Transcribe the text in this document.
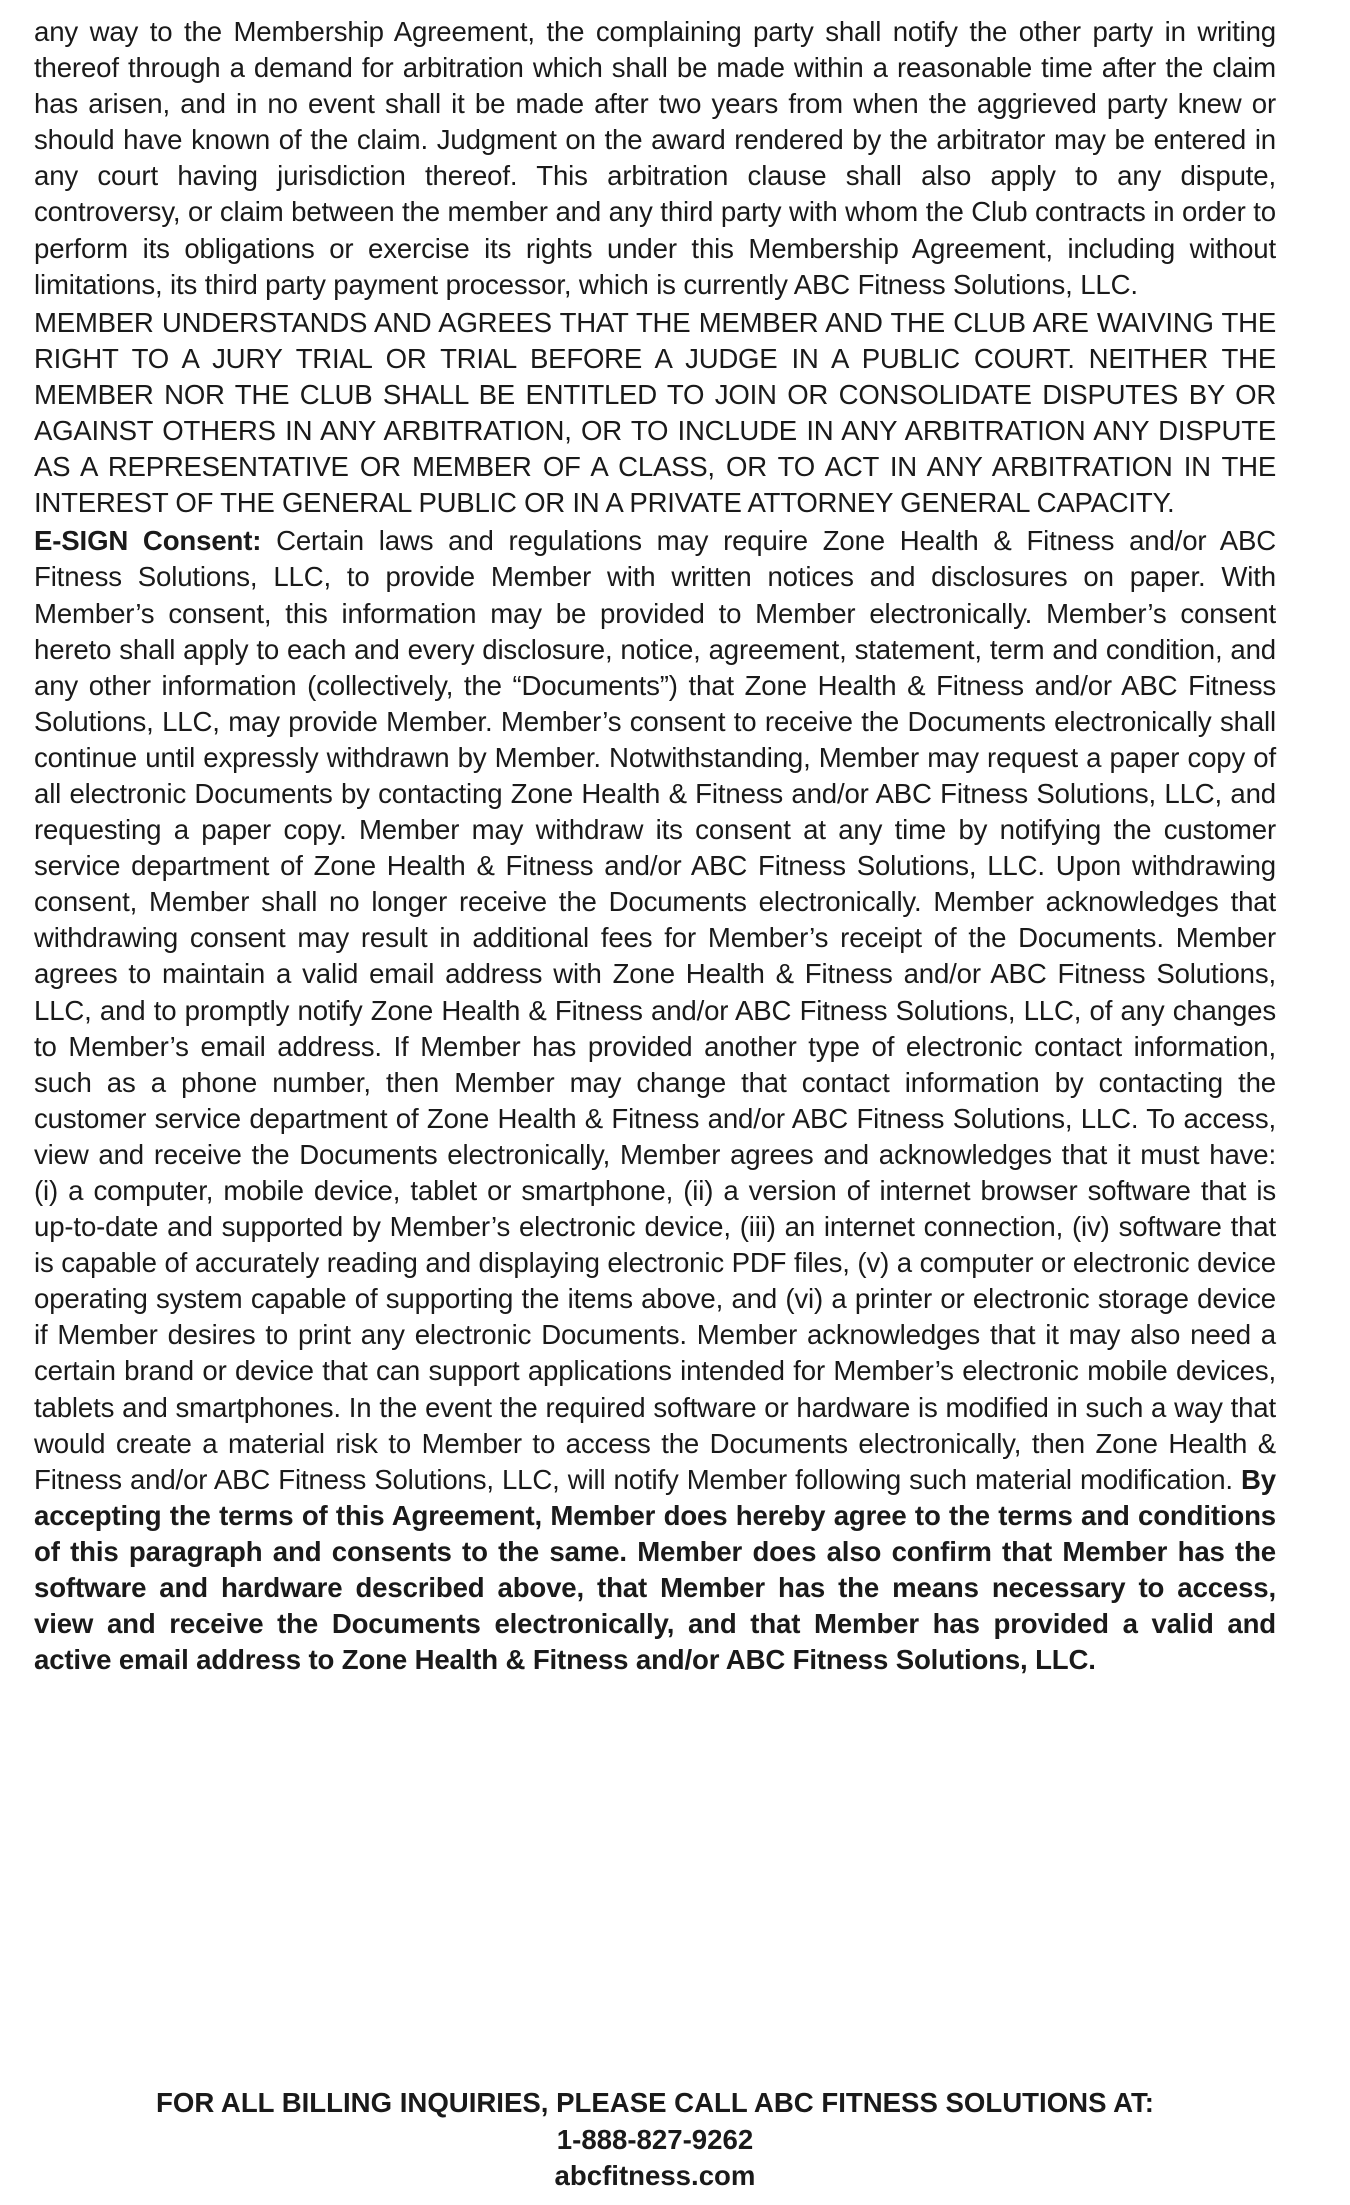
any way to the Membership Agreement, the complaining party shall notify the other party in writing thereof through a demand for arbitration which shall be made within a reasonable time after the claim has arisen, and in no event shall it be made after two years from when the aggrieved party knew or should have known of the claim. Judgment on the award rendered by the arbitrator may be entered in any court having jurisdiction thereof. This arbitration clause shall also apply to any dispute, controversy, or claim between the member and any third party with whom the Club contracts in order to perform its obligations or exercise its rights under this Membership Agreement, including without limitations, its third party payment processor, which is currently ABC Fitness Solutions, LLC.

MEMBER UNDERSTANDS AND AGREES THAT THE MEMBER AND THE CLUB ARE WAIVING THE RIGHT TO A JURY TRIAL OR TRIAL BEFORE A JUDGE IN A PUBLIC COURT. NEITHER THE MEMBER NOR THE CLUB SHALL BE ENTITLED TO JOIN OR CONSOLIDATE DISPUTES BY OR AGAINST OTHERS IN ANY ARBITRATION, OR TO INCLUDE IN ANY ARBITRATION ANY DISPUTE AS A REPRESENTATIVE OR MEMBER OF A CLASS, OR TO ACT IN ANY ARBITRATION IN THE INTEREST OF THE GENERAL PUBLIC OR IN A PRIVATE ATTORNEY GENERAL CAPACITY.

E-SIGN Consent: Certain laws and regulations may require Zone Health & Fitness and/or ABC Fitness Solutions, LLC, to provide Member with written notices and disclosures on paper. With Member’s consent, this information may be provided to Member electronically. Member’s consent hereto shall apply to each and every disclosure, notice, agreement, statement, term and condition, and any other information (collectively, the “Documents”) that Zone Health & Fitness and/or ABC Fitness Solutions, LLC, may provide Member. Member’s consent to receive the Documents electronically shall continue until expressly withdrawn by Member. Notwithstanding, Member may request a paper copy of all electronic Documents by contacting Zone Health & Fitness and/or ABC Fitness Solutions, LLC, and requesting a paper copy. Member may withdraw its consent at any time by notifying the customer service department of Zone Health & Fitness and/or ABC Fitness Solutions, LLC. Upon withdrawing consent, Member shall no longer receive the Documents electronically. Member acknowledges that withdrawing consent may result in additional fees for Member’s receipt of the Documents. Member agrees to maintain a valid email address with Zone Health & Fitness and/or ABC Fitness Solutions, LLC, and to promptly notify Zone Health & Fitness and/or ABC Fitness Solutions, LLC, of any changes to Member’s email address. If Member has provided another type of electronic contact information, such as a phone number, then Member may change that contact information by contacting the customer service department of Zone Health & Fitness and/or ABC Fitness Solutions, LLC. To access, view and receive the Documents electronically, Member agrees and acknowledges that it must have: (i) a computer, mobile device, tablet or smartphone, (ii) a version of internet browser software that is up-to-date and supported by Member’s electronic device, (iii) an internet connection, (iv) software that is capable of accurately reading and displaying electronic PDF files, (v) a computer or electronic device operating system capable of supporting the items above, and (vi) a printer or electronic storage device if Member desires to print any electronic Documents. Member acknowledges that it may also need a certain brand or device that can support applications intended for Member’s electronic mobile devices, tablets and smartphones. In the event the required software or hardware is modified in such a way that would create a material risk to Member to access the Documents electronically, then Zone Health & Fitness and/or ABC Fitness Solutions, LLC, will notify Member following such material modification. By accepting the terms of this Agreement, Member does hereby agree to the terms and conditions of this paragraph and consents to the same. Member does also confirm that Member has the software and hardware described above, that Member has the means necessary to access, view and receive the Documents electronically, and that Member has provided a valid and active email address to Zone Health & Fitness and/or ABC Fitness Solutions, LLC.

FOR ALL BILLING INQUIRIES, PLEASE CALL ABC FITNESS SOLUTIONS AT:
1-888-827-9262
abcfitness.com
